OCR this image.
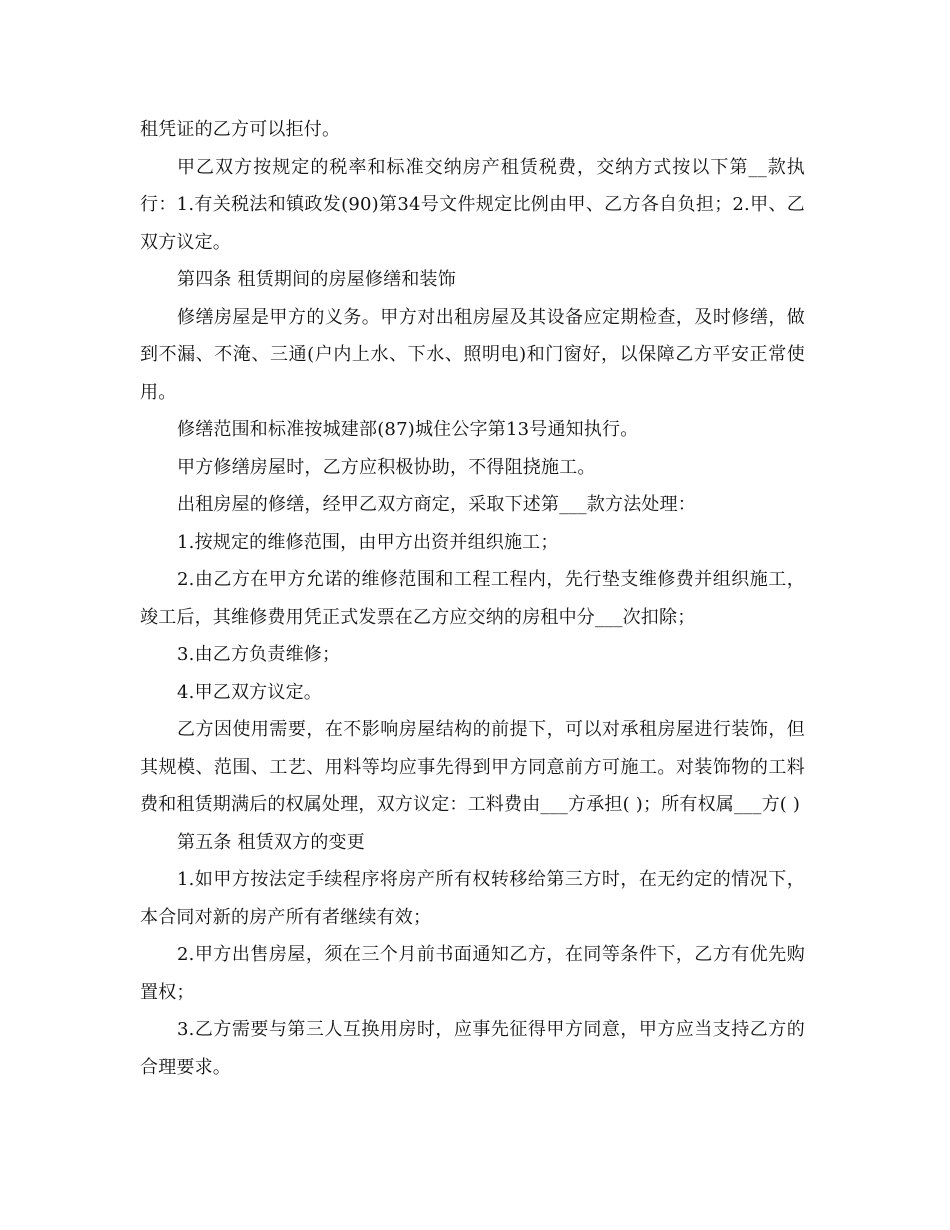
租凭证的乙方可以拒付。

甲乙双方按规定的税率和标准交纳房产租赁税费，交纳方式按以下第__款执行：1.有关税法和镇政发(90)第34号文件规定比例由甲、乙方各自负担；2.甲、乙双方议定。

第四条 租赁期间的房屋修缮和装饰

修缮房屋是甲方的义务。甲方对出租房屋及其设备应定期检查，及时修缮，做到不漏、不淹、三通(户内上水、下水、照明电)和门窗好，以保障乙方平安正常使用。

修缮范围和标准按城建部(87)城住公字第13号通知执行。

甲方修缮房屋时，乙方应积极协助，不得阻挠施工。

出租房屋的修缮，经甲乙双方商定，采取下述第___款方法处理：

1.按规定的维修范围，由甲方出资并组织施工；

2.由乙方在甲方允诺的维修范围和工程工程内，先行垫支维修费并组织施工，竣工后，其维修费用凭正式发票在乙方应交纳的房租中分___次扣除；

3.由乙方负责维修；

4.甲乙双方议定。

乙方因使用需要，在不影响房屋结构的前提下，可以对承租房屋进行装饰，但其规模、范围、工艺、用料等均应事先得到甲方同意前方可施工。对装饰物的工料费和租赁期满后的权属处理，双方议定：工料费由___方承担( )；所有权属___方( )

第五条 租赁双方的变更

1.如甲方按法定手续程序将房产所有权转移给第三方时，在无约定的情况下，本合同对新的房产所有者继续有效；

2.甲方出售房屋，须在三个月前书面通知乙方，在同等条件下，乙方有优先购置权；

3.乙方需要与第三人互换用房时，应事先征得甲方同意，甲方应当支持乙方的合理要求。
